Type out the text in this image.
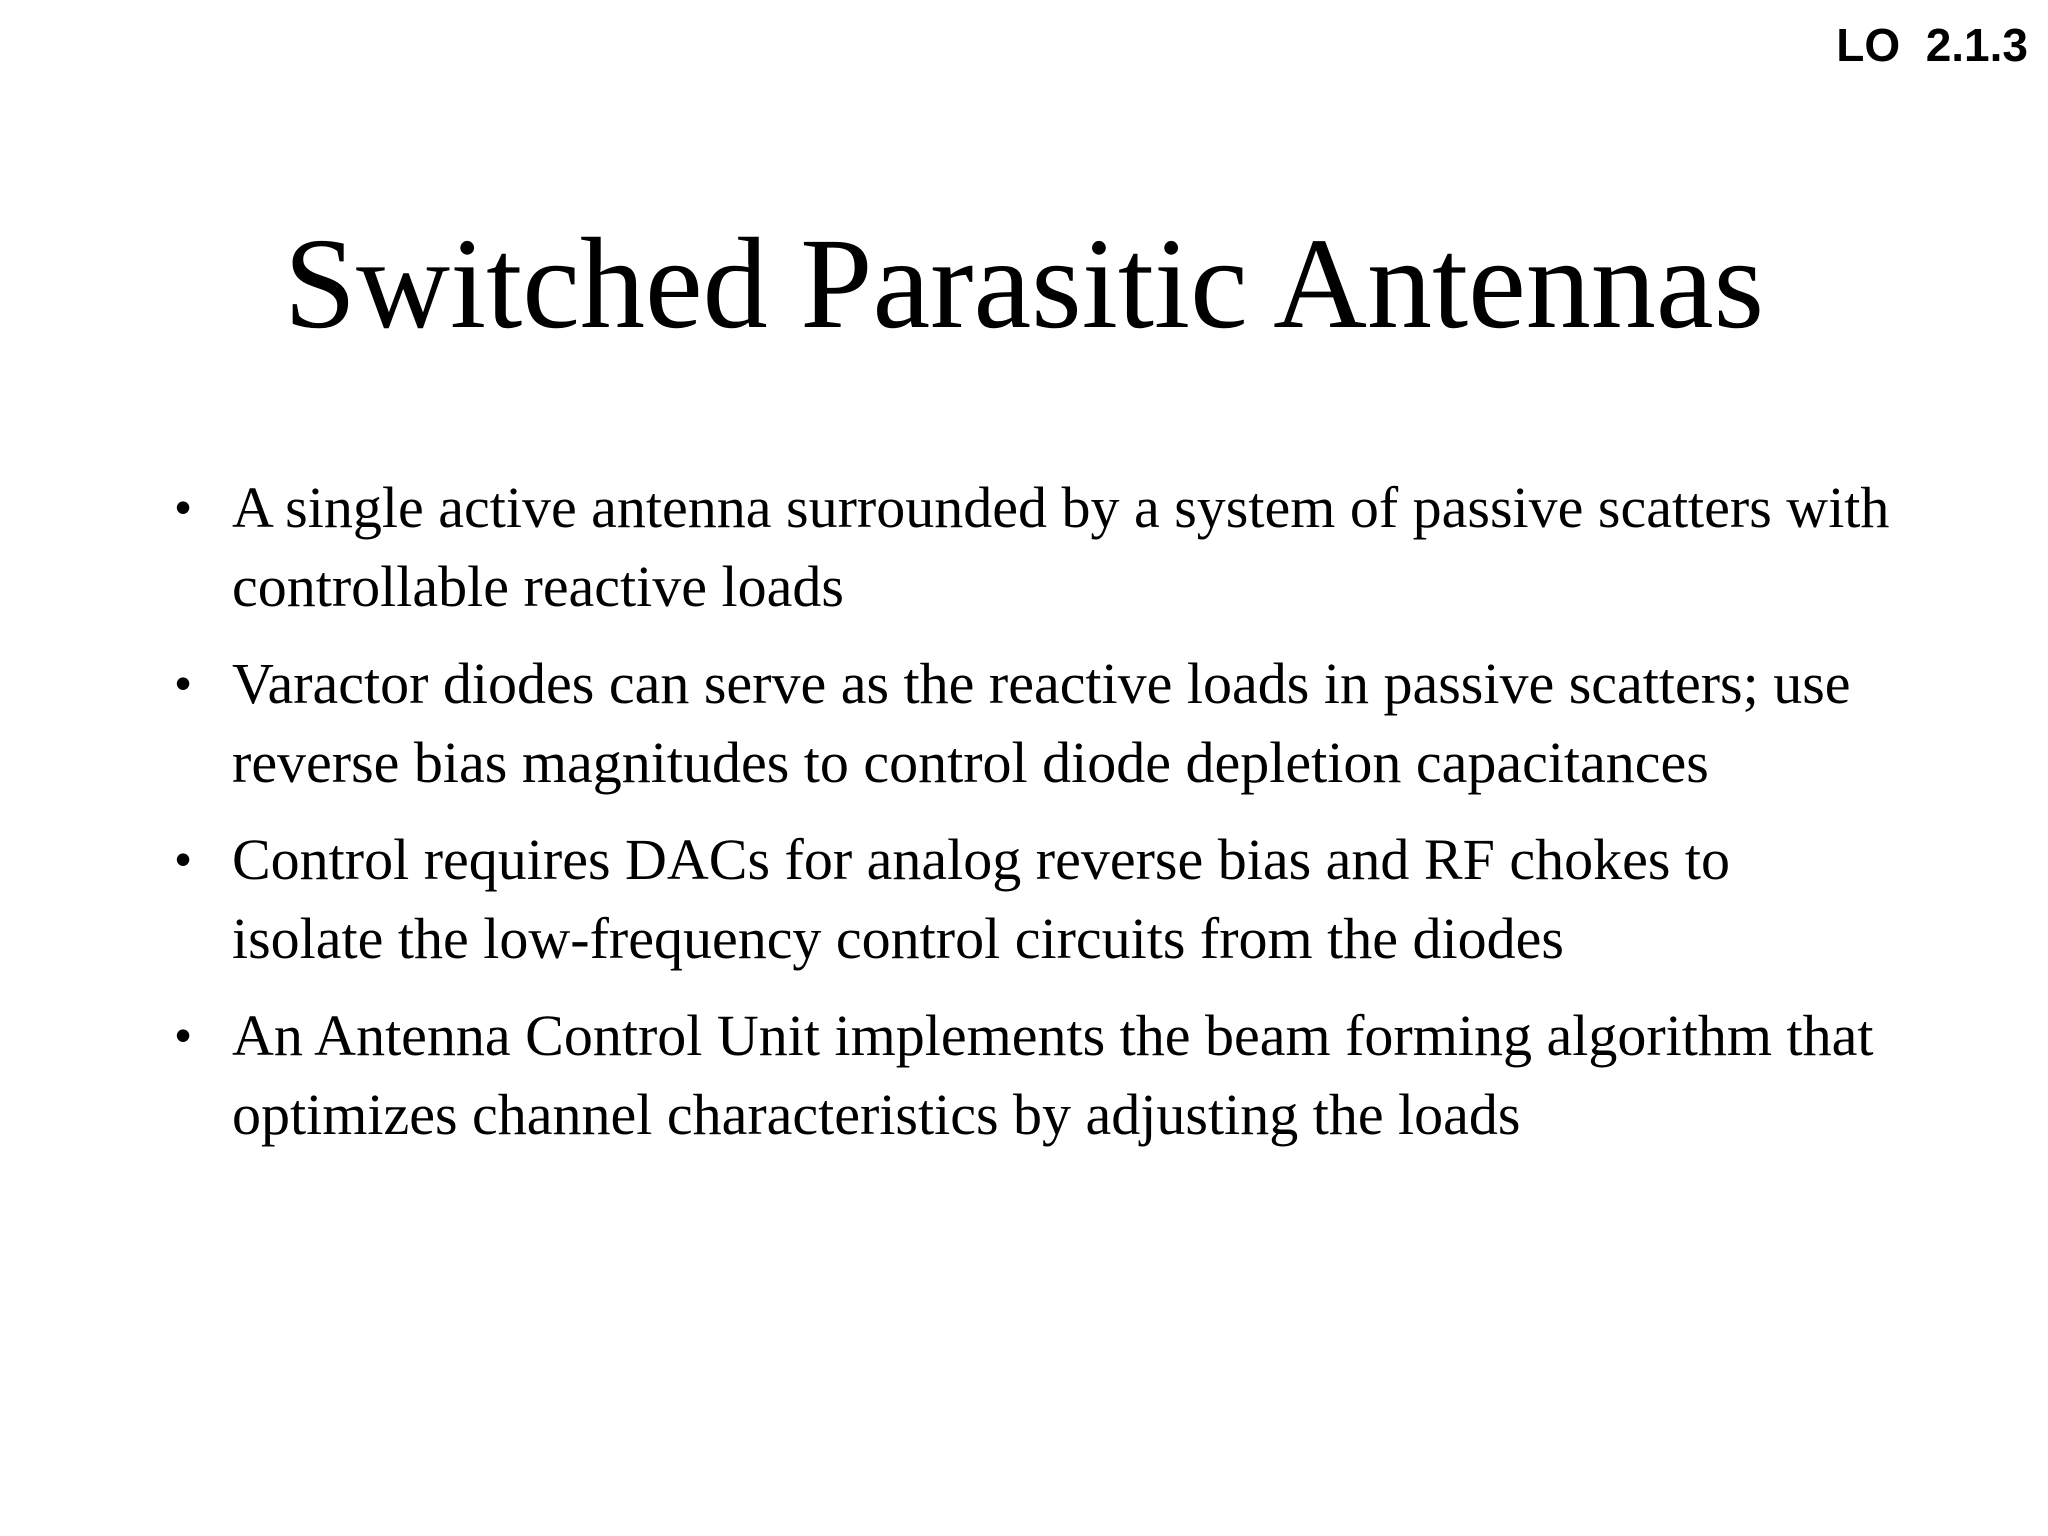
LO  2.1.3
Switched Parasitic Antennas
• A single active antenna surrounded by a system of passive scatters with controllable reactive loads
• Varactor diodes can serve as the reactive loads in passive scatters; use reverse bias magnitudes to control diode depletion capacitances
• Control requires DACs for analog reverse bias and RF chokes to isolate the low-frequency control circuits from the diodes
• An Antenna Control Unit implements the beam forming algorithm that optimizes channel characteristics by adjusting the loads
